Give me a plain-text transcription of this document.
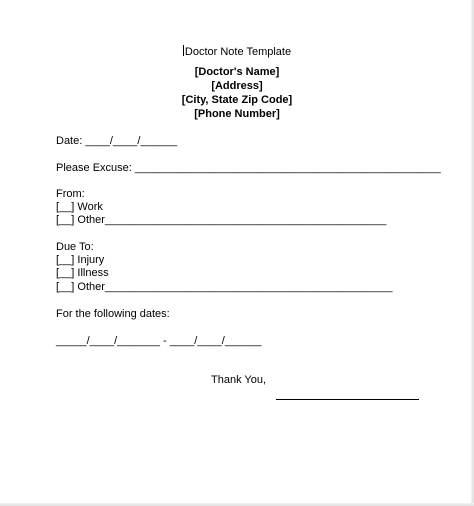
Doctor Note Template
[Doctor's Name]
[Address]
[City, State Zip Code]
[Phone Number]
Date: ____/____/______
Please Excuse: __________________________________________________
From:
[__] Work
[__] Other______________________________________________
Due To:
[__] Injury
[__] Illness
[__] Other_______________________________________________
For the following dates:
_____/____/_______ - ____/____/______
Thank You,
